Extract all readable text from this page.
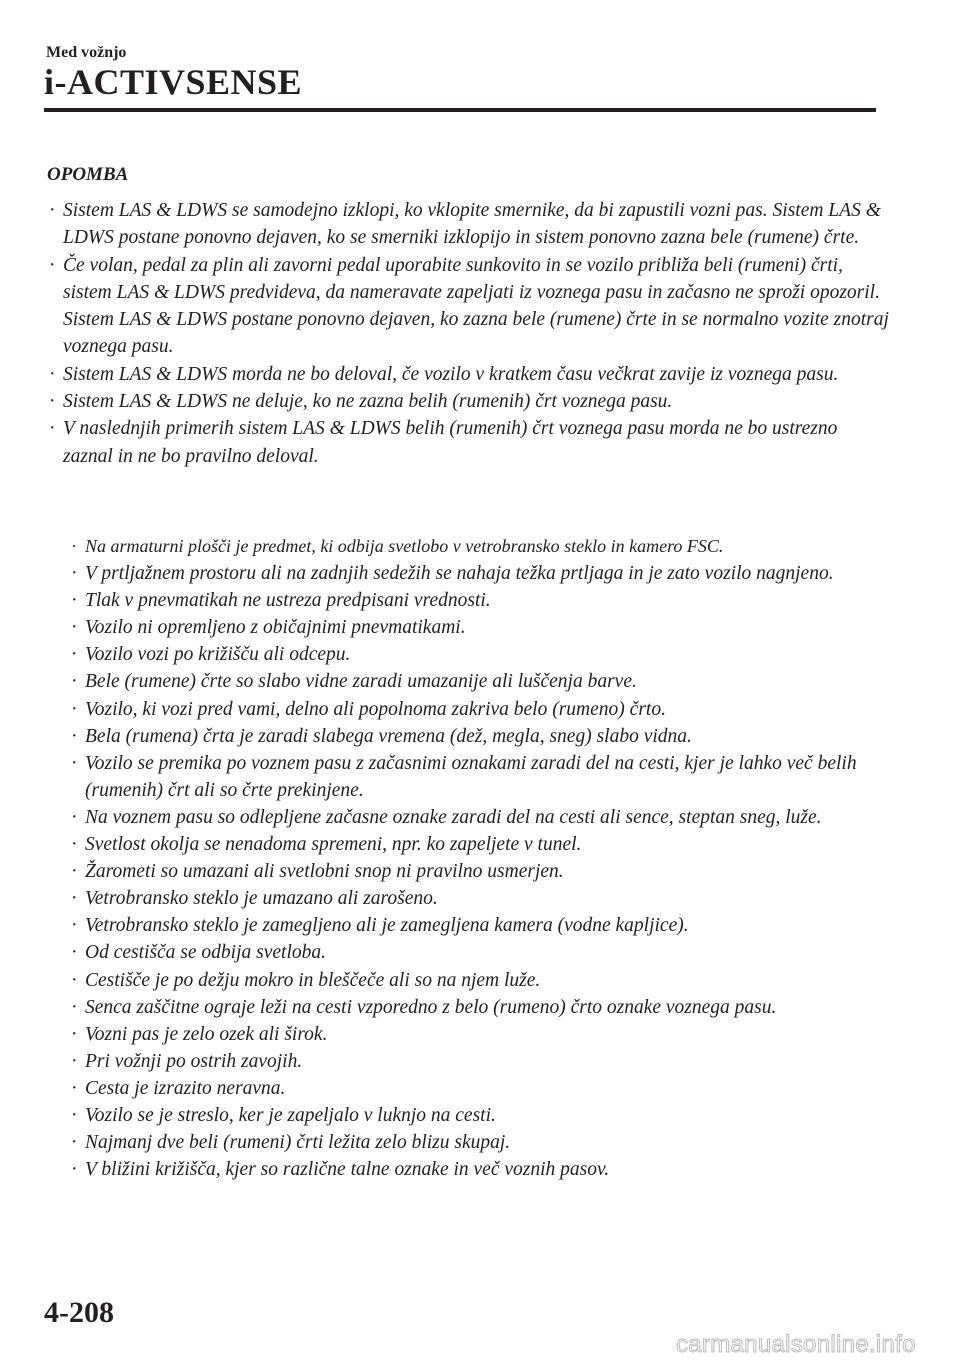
Med vožnjo
i-ACTIVSENSE
OPOMBA
· Sistem LAS & LDWS se samodejno izklopi, ko vklopite smernike, da bi zapustili vozni pas. Sistem LAS & LDWS postane ponovno dejaven, ko se smerniki izklopijo in sistem ponovno zazna bele (rumene) črte.
· Če volan, pedal za plin ali zavorni pedal uporabite sunkovito in se vozilo približa beli (rumeni) črti, sistem LAS & LDWS predvideva, da nameravate zapeljati iz voznega pasu in začasno ne sproži opozoril. Sistem LAS & LDWS postane ponovno dejaven, ko zazna bele (rumene) črte in se normalno vozite znotraj voznega pasu.
· Sistem LAS & LDWS morda ne bo deloval, če vozilo v kratkem času večkrat zavije iz voznega pasu.
· Sistem LAS & LDWS ne deluje, ko ne zazna belih (rumenih) črt voznega pasu.
· V naslednjih primerih sistem LAS & LDWS belih (rumenih) črt voznega pasu morda ne bo ustrezno zaznal in ne bo pravilno deloval.
· Na armaturni plošči je predmet, ki odbija svetlobo v vetrobransko steklo in kamero FSC.
· V prtljažnem prostoru ali na zadnjih sedežih se nahaja težka prtljaga in je zato vozilo nagnjeno.
· Tlak v pnevmatikah ne ustreza predpisani vrednosti.
· Vozilo ni opremljeno z običajnimi pnevmatikami.
· Vozilo vozi po križišču ali odcepu.
· Bele (rumene) črte so slabo vidne zaradi umazanije ali luščenja barve.
· Vozilo, ki vozi pred vami, delno ali popolnoma zakriva belo (rumeno) črto.
· Bela (rumena) črta je zaradi slabega vremena (dež, megla, sneg) slabo vidna.
· Vozilo se premika po voznem pasu z začasnimi oznakami zaradi del na cesti, kjer je lahko več belih (rumenih) črt ali so črte prekinjene.
· Na voznem pasu so odlepljene začasne oznake zaradi del na cesti ali sence, steptan sneg, luže.
· Svetlost okolja se nenadoma spremeni, npr. ko zapeljete v tunel.
· Žarometi so umazani ali svetlobni snop ni pravilno usmerjen.
· Vetrobransko steklo je umazano ali zarošeno.
· Vetrobransko steklo je zamegljeno ali je zamegljena kamera (vodne kapljice).
· Od cestišča se odbija svetloba.
· Cestišče je po dežju mokro in bleščeče ali so na njem luže.
· Senca zaščitne ograje leži na cesti vzporedno z belo (rumeno) črto oznake voznega pasu.
· Vozni pas je zelo ozek ali širok.
· Pri vožnji po ostrih zavojih.
· Cesta je izrazito neravna.
· Vozilo se je streslo, ker je zapeljalo v luknjo na cesti.
· Najmanj dve beli (rumeni) črti ležita zelo blizu skupaj.
· V bližini križišča, kjer so različne talne oznake in več voznih pasov.
4-208
carmanualsonline.info
